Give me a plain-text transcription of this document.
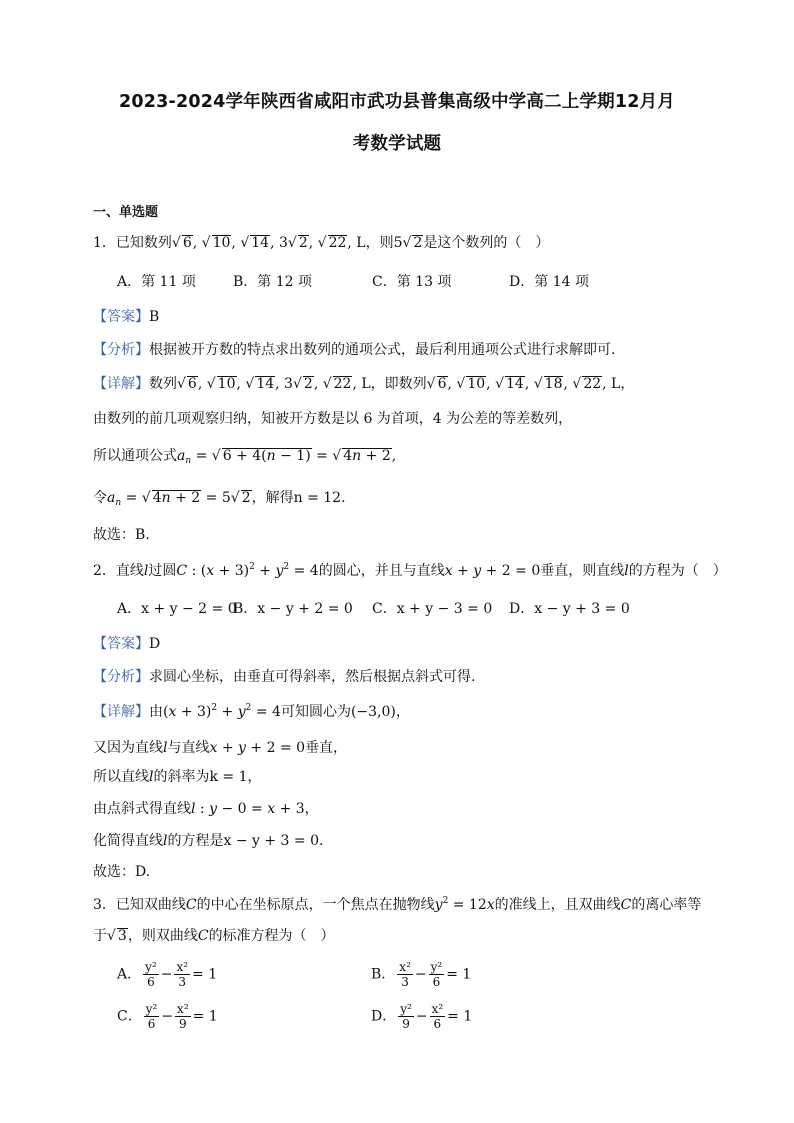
2023-2024学年陕西省咸阳市武功县普集高级中学高二上学期12月月
考数学试题
一、单选题
1．已知数列√ 6, √ 10, √ 14, 3√ 2, √ 22, L，则5√ 2是这个数列的（　）
A．第 11 项	B．第 12 项	C．第 13 项	D．第 14 项
【答案】B
【分析】根据被开方数的特点求出数列的通项公式，最后利用通项公式进行求解即可.
【详解】数列√ 6, √ 10, √ 14, 3√ 2, √ 22, L，即数列√ 6, √ 10, √ 14, √ 18, √ 22, L，
由数列的前几项观察归纳，知被开方数是以 6 为首项，4 为公差的等差数列，
所以通项公式$a_n$ = √ 6 + 4(n − 1) = √ 4n + 2,
令$a_n$ = √ 4n + 2 = 5√ 2，解得n = 12.
故选：B.
2．直线l过圆C : $(x + 3)^2 + y^2 = 4$的圆心，并且与直线x + y + 2 = 0垂直，则直线l的方程为（　）
A．x + y − 2 = 0
B．x − y + 2 = 0 C．x + y − 3 = 0 D．x − y + 3 = 0
【答案】D
【分析】求圆心坐标，由垂直可得斜率，然后根据点斜式可得.
【详解】由$(x + 3)^2 + y^2 = 4$可知圆心为(−3,0)，
又因为直线l与直线x + y + 2 = 0垂直，
所以直线l的斜率为k = 1，
由点斜式得直线l : y − 0 = x + 3，
化简得直线l的方程是x − y + 3 = 0.
故选：D.
3．已知双曲线C的中心在坐标原点，一个焦点在抛物线$y^2 = 12x$的准线上，且双曲线C的离心率等
于√ 3，则双曲线C的标准方程为（　）
A． $\frac{\text{y²}}{6} - \frac{\text{x²}}{3} = 1$	B． $\frac{\text{x²}}{3} - \frac{\text{y²}}{6} = 1$
C． $\frac{\text{y²}}{6} - \frac{\text{x²}}{9} = 1$	D． $\frac{\text{y²}}{9} - \frac{\text{x²}}{6} = 1$
